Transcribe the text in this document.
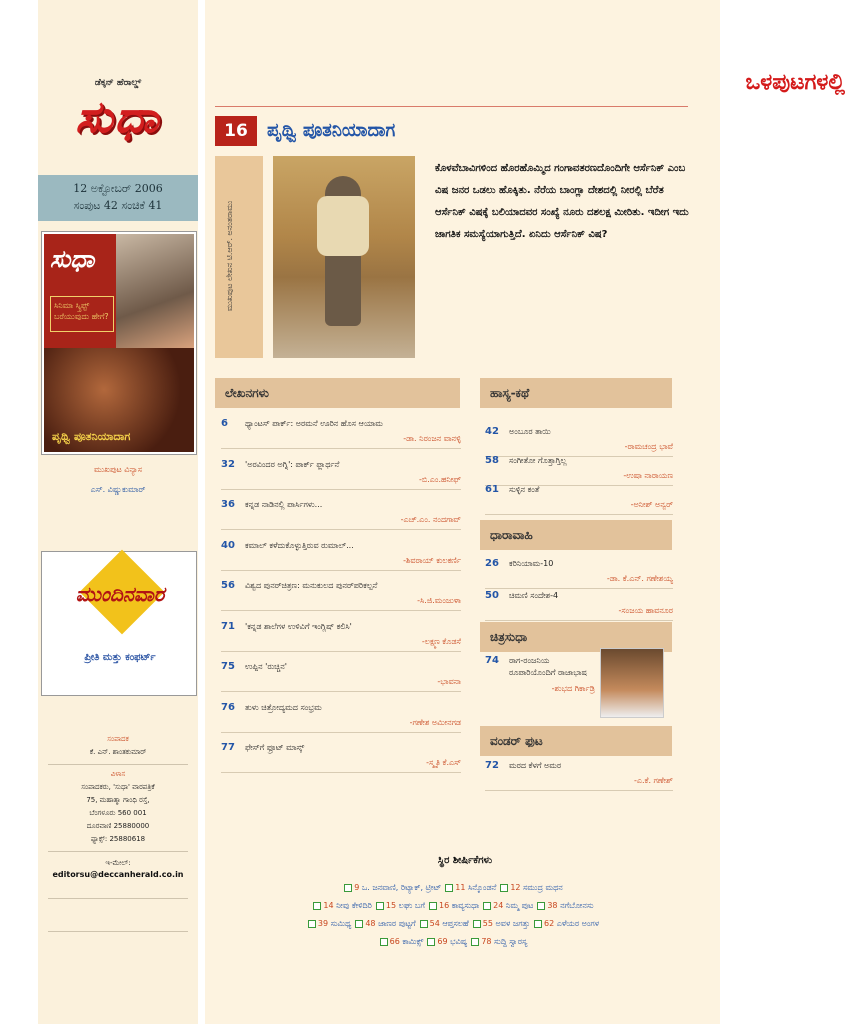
ಡೆಕ್ಕನ್ ಹೆರಾಲ್ಡ್
ಸುಧಾ
12 ಅಕ್ಟೋಬರ್ 2006
ಸಂಪುಟ 42 ಸಂಚಿಕೆ 41
ಸುಧಾ
ಸಿನಿಮಾ ಸ್ಕ್ರಿಪ್ಟ್ ಬರೆಯುವುದು ಹೇಗೆ?
ಪೃಥ್ವಿ ಪೂತನಿಯಾದಾಗ
ಮುಖಪುಟ ವಿನ್ಯಾಸ
ಎಸ್. ವಿಷ್ಣುಕುಮಾರ್
ಮುಂದಿನವಾರ
ಪ್ರೀತಿ ಮತ್ತು ಕಂಫರ್ಟ್
ಸಂಪಾದಕ
ಕೆ. ಎನ್. ಶಾಂತಕುಮಾರ್
ವಿಳಾಸ
ಸಂಪಾದಕರು, 'ಸುಧಾ' ವಾರಪತ್ರಿಕೆ
75, ಮಹಾತ್ಮಾ ಗಾಂಧಿ ರಸ್ತೆ,
ಬೆಂಗಳೂರು 560 001
ದೂರವಾಣಿ 25880000
ಫ್ಯಾಕ್ಸ್: 25880618
ಇ-ಮೇಲ್:
editorsu@deccanherald.co.in
ಒಳಪುಟಗಳಲ್ಲಿ
16	ಪೃಥ್ವಿ ಪೂತನಿಯಾದಾಗ
ಮುಖಪುಟ ಲೇಖನ ಟಿ.ಆರ್. ಅನಂತರಾಮು
ಕೊಳವೆಬಾವಿಗಳಿಂದ ಹೊರಹೊಮ್ಮಿದ ಗಂಗಾವತರಣದೊಂದಿಗೇ ಆರ್ಸೆನಿಕ್ ಎಂಬ ವಿಷ ಜನರ ಒಡಲು ಹೊಕ್ಕಿತು. ನೆರೆಯ ಬಾಂಗ್ಲಾ ದೇಶದಲ್ಲಿ ನೀರಲ್ಲಿ ಬೆರೆತ ಆರ್ಸೆನಿಕ್ ವಿಷಕ್ಕೆ ಬಲಿಯಾದವರ ಸಂಖ್ಯೆ ನೂರು ದಶಲಕ್ಷ ಮೀರಿತು. ಇದೀಗ ಇದು ಜಾಗತಿಕ ಸಮಸ್ಯೆಯಾಗುತ್ತಿದೆ. ಏನಿದು ಆರ್ಸೆನಿಕ್ ವಿಷ?
ಲೇಖನಗಳು
6	ಥ್ಯಾಂಟಸ್ ಪಾರ್ಕ್: ಅರಮನೆ ಊರಿನ ಹೊಸ ಆಯಾಮ
-ಡಾ. ನಿರಂಜನ ವಾನಳ್ಳಿ
32	'ಅರವಿಂದರ ಅಗ್ನಿ': ಪಾರ್ಕ್ ಫ್ಲಾರ್ಥನೆ
-ಬಿ.ಎಂ.ಹನೀಫ್
36	ಕನ್ನಡ ನಾಡಿನಲ್ಲಿ ಪಾರ್ಸಿಗಳು...
-ಎಚ್.ಎಂ. ನಂದಗಾವ್
40	ಕಮಾಲ್ ಕಳೆದುಕೊಳ್ಳುತ್ತಿರುವ ರುಮಾಲ್...
-ಶಿವರಾಯ್ ಕುಲಕರ್ಣಿ
56	ವಿಶ್ವದ ಪುನರ್‌ಚಿತ್ರಣ: ಮನುಕುಲದ ಪುನರ್‌ಪರಿಕಲ್ಪನೆ
-ಸಿ.ಜಿ.ಮಂಜುಳಾ
71	'ಕನ್ನಡ ಶಾಲೆಗಳ ಉಳಿವಿಗೆ ಇಂಗ್ಲಿಷ್ ಕಲಿಸಿ'
-ಲಕ್ಷ್ಮಣ ಕೊಡಸೆ
75	ಉಪ್ಪಿನ 'ರುಚ್ಚಿನ'
-ಭಾವನಾ
76	ತುಳು ಚಿತ್ರೋದ್ಯಮದ ಸಂಭ್ರಮ
-ಗಣೇಶ ಅಮೀನಗಡ
77	ಫೇಸ್‌ಗೆ ಫ್ರೂಟ್ ಮಾಸ್ಕ್
-ಸ್ಮೃತಿ ಕೆ.ಎಸ್
ಹಾಸ್ಯ-ಕಥೆ
42	ಅಂಬೂರ ತಾಯಿ
-ರಾಮಚಂದ್ರ ಭಾವೆ
58	ಸಂಗೀತೋ ಗೊತ್ತಾಗ್ತಿಲ್ಲ
-ಉಷಾ ನಾರಾಯಣ
61	ಸುಳ್ಳಿನ ಕಂತೆ
-ಅನೀಶ್ ಅನ್ವರ್
ಧಾರಾವಾಹಿ
26	ಕರಿನಿಯಾಮ-10
-ಡಾ. ಕೆ.ಎನ್. ಗಣೇಶಯ್ಯ
50	ಚಿಮಣಿ ಸಂದೇಶ-4
-ಸಂಜಯ ಹಾವನೂರ
ಚಿತ್ರಸುಧಾ
74	ರಾಗ-ರಂಜನಿಯ ರೂಪಾರಿಯೊಂದಿಗೆ ರಾಜಾಭಾಷ
-ಶುಭದ ಗಿರ್ಕಾಡ್ರಿ
ವಂಡರ್ ಫುಟ
72	ಮರದ ಕೆಳಗೆ ಅಮರ
-ಎ.ಕೆ. ಗಣೇಶ್
ಸ್ಥಿರ ಶೀರ್ಷಿಕೆಗಳು
9 ಒ. ಜನವಾಣಿ, ರಿಟ್ಯಾಕ್, ಟ್ರೀಟ್ 11 ಸಿನ್ಕೊಂಡನೆ 12 ಸಮುದ್ರ ಮಥನ
14 ನೀವು ಕೇಳಿದಿರಿ 15 ಲಘು ಬಗೆ 16 ಕಾವ್ಯಸುಧಾ 24 ನಿಮ್ಮ ಪುಟ 38 ನಗೆಬೋನಸು
39 ಸುಮಿಥ್ಯ 48 ಜಾಣರ ಪುಟ್ಟಗೆ 54 ಆಪ್ತಸಲಹೆ 55 ಅವಳ ಜಗತ್ತು 62 ಎಳೆಯರ ಅಂಗಳ
66 ಕಾಮಿಕ್ಸ್ 69 ಭವಿಷ್ಯ 78 ಸುದ್ದಿ ಸ್ವಾರಸ್ಯ
